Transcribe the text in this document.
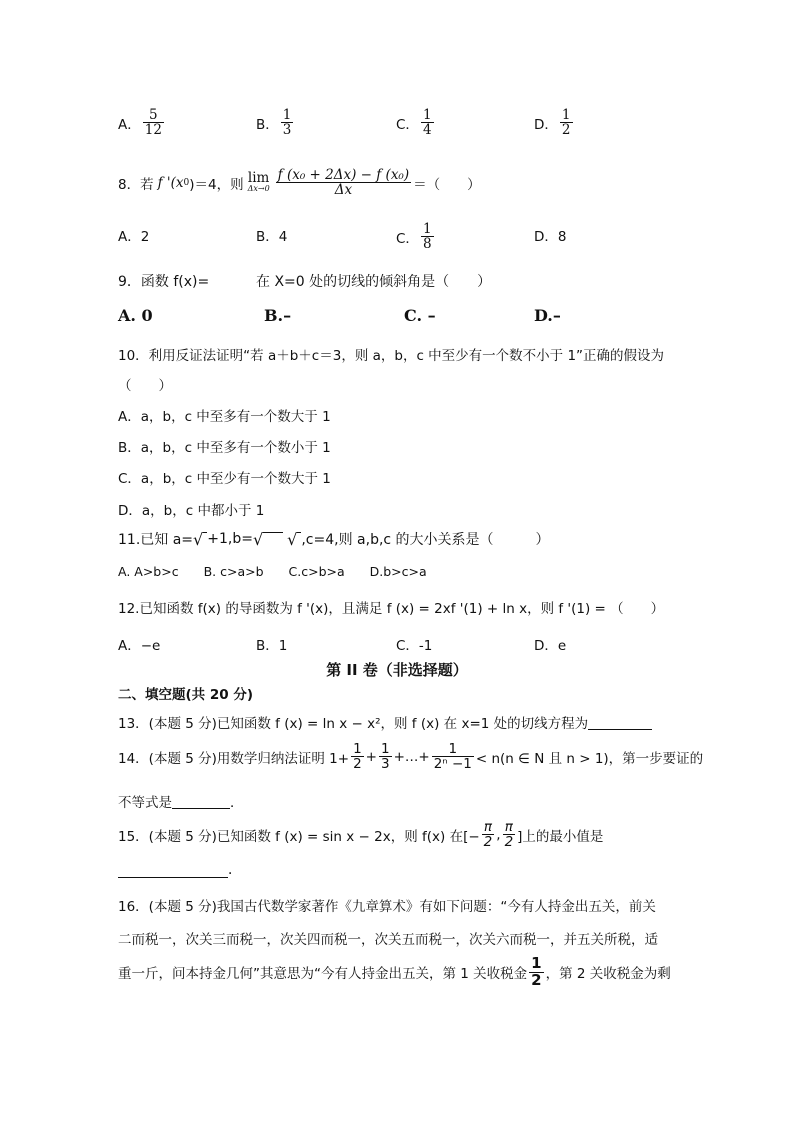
A． $\frac{5}{12}$	B． $\frac{1}{3}$	C． $\frac{1}{4}$	D． $\frac{1}{2}$
8．若 f '(x 0 )＝4，则 lim
$\Delta x\to 0 \frac{\text{f (x₀ + 2Δx) − f (x₀)}}{\Delta x}$ ＝（　　）
A．2	B．4	C． $\frac{1}{8}$	D．8
9．函数 f(x)=	在 X=0 处的切线的倾斜角是（　　）
A. 0	B.–	C. –	D.–
10．利用反证法证明“若 a＋b＋c＝3，则 a，b，c 中至少有一个数不小于 1”正确的假设为
（　　）
A．a，b，c 中至多有一个数大于 1
B．a，b，c 中至多有一个数小于 1
C．a，b，c 中至少有一个数大于 1
D．a，b，c 中都小于 1
11.已知 a= √ +1,b= √ √ ,c=4,则 a,b,c 的大小关系是（　　　）
A. A>b>c　　B. c>a>b　　C.c>b>a　　D.b>c>a
12.已知函数 f(x) 的导函数为 f '(x)，且满足 f (x) = 2xf '(1) + ln x，则 f '(1) = （　　）
A．−e	B．1	C．-1	D．e
第 II 卷（非选择题）
二、填空题(共 20 分)
13．(本题 5 分)已知函数 f (x) = ln x − x²，则 f (x) 在 x=1 处的切线方程为
14．(本题 5 分)用数学归纳法证明 $1+ \frac{1}{2} + \frac{1}{3}$ +…+ $\frac{1}{\text{2ⁿ −1}} < n(n$ ∈ N 且 n > 1)，第一步要证的
不等式是	．
15．(本题 5 分)已知函数 f (x) = sin x − 2x，则 f(x) 在[− $\frac{\pi}{2}$ , $\frac{\pi}{2}$ ]上的最小值是
.
16．(本题 5 分)我国古代数学家著作《九章算术》有如下问题：“今有人持金出五关，前关
二而税一，次关三而税一，次关四而税一，次关五而税一，次关六而税一，并五关所税，适
重一斤，问本持金几何”其意思为“今有人持金出五关，第 1 关收税金 $\frac{1}{2}$ ，第 2 关收税金为剩
